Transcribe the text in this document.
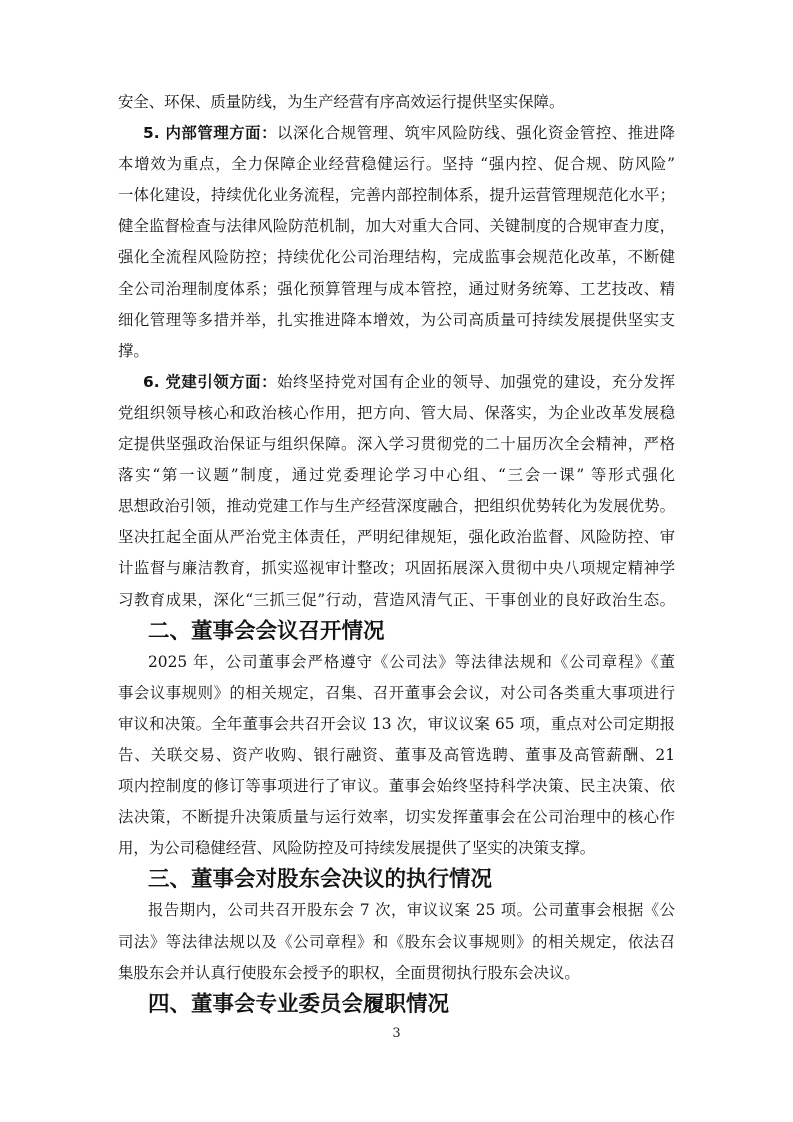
安全、环保、质量防线，为生产经营有序高效运行提供坚实保障。
5. 内部管理方面：以深化合规管理、筑牢风险防线、强化资金管控、推进降
本增效为重点，全力保障企业经营稳健运行。坚持 “强内控、促合规、防风险”
一体化建设，持续优化业务流程，完善内部控制体系，提升运营管理规范化水平；
健全监督检查与法律风险防范机制，加大对重大合同、关键制度的合规审查力度，
强化全流程风险防控；持续优化公司治理结构，完成监事会规范化改革，不断健
全公司治理制度体系；强化预算管理与成本管控，通过财务统筹、工艺技改、精
细化管理等多措并举，扎实推进降本增效，为公司高质量可持续发展提供坚实支
撑。
6. 党建引领方面：始终坚持党对国有企业的领导、加强党的建设，充分发挥
党组织领导核心和政治核心作用，把方向、管大局、保落实，为企业改革发展稳
定提供坚强政治保证与组织保障。深入学习贯彻党的二十届历次全会精神，严格
落实“第一议题”制度，通过党委理论学习中心组、“三会一课” 等形式强化
思想政治引领，推动党建工作与生产经营深度融合，把组织优势转化为发展优势。
坚决扛起全面从严治党主体责任，严明纪律规矩，强化政治监督、风险防控、审
计监督与廉洁教育，抓实巡视审计整改；巩固拓展深入贯彻中央八项规定精神学
习教育成果，深化“三抓三促”行动，营造风清气正、干事创业的良好政治生态。
二、董事会会议召开情况
2025 年，公司董事会严格遵守《公司法》等法律法规和《公司章程》《董
事会议事规则》的相关规定，召集、召开董事会会议，对公司各类重大事项进行
审议和决策。全年董事会共召开会议 13 次，审议议案 65 项，重点对公司定期报
告、关联交易、资产收购、银行融资、董事及高管选聘、董事及高管薪酬、21
项内控制度的修订等事项进行了审议。董事会始终坚持科学决策、民主决策、依
法决策，不断提升决策质量与运行效率，切实发挥董事会在公司治理中的核心作
用，为公司稳健经营、风险防控及可持续发展提供了坚实的决策支撑。
三、董事会对股东会决议的执行情况
报告期内，公司共召开股东会 7 次，审议议案 25 项。公司董事会根据《公
司法》等法律法规以及《公司章程》和《股东会议事规则》的相关规定，依法召
集股东会并认真行使股东会授予的职权，全面贯彻执行股东会决议。
四、董事会专业委员会履职情况
3
